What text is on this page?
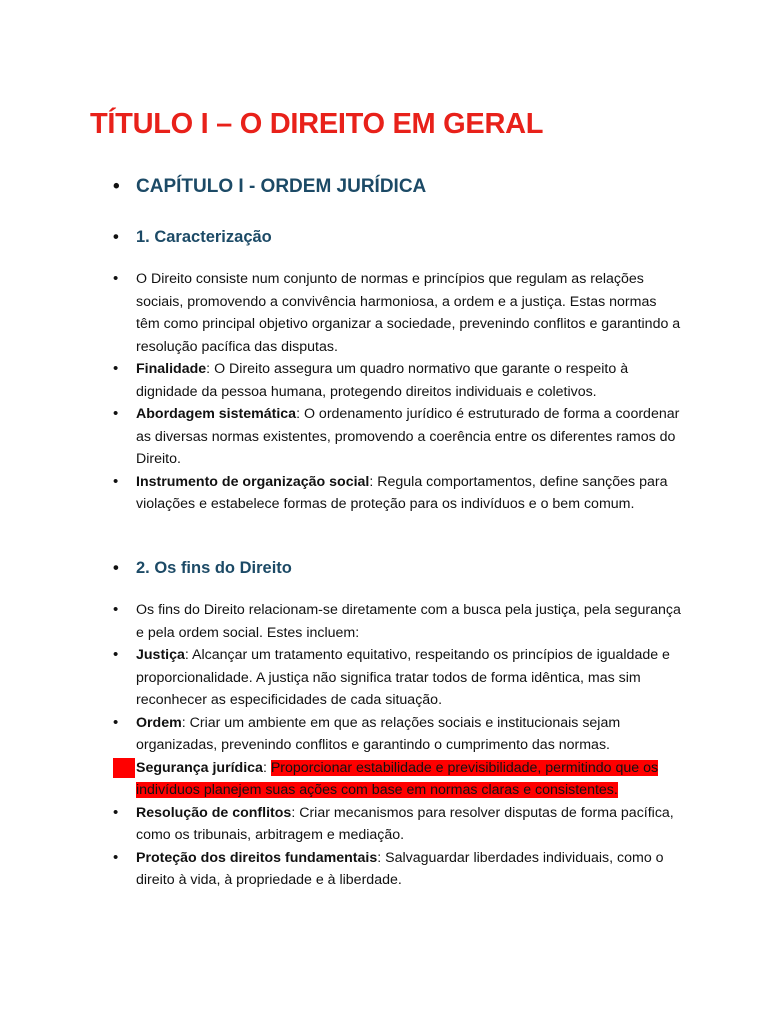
TÍTULO I – O DIREITO EM GERAL
• CAPÍTULO I - ORDEM JURÍDICA
• 1. Caracterização
• O Direito consiste num conjunto de normas e princípios que regulam as relações sociais, promovendo a convivência harmoniosa, a ordem e a justiça. Estas normas têm como principal objetivo organizar a sociedade, prevenindo conflitos e garantindo a resolução pacífica das disputas.
• Finalidade: O Direito assegura um quadro normativo que garante o respeito à dignidade da pessoa humana, protegendo direitos individuais e coletivos.
• Abordagem sistemática: O ordenamento jurídico é estruturado de forma a coordenar as diversas normas existentes, promovendo a coerência entre os diferentes ramos do Direito.
• Instrumento de organização social: Regula comportamentos, define sanções para violações e estabelece formas de proteção para os indivíduos e o bem comum.
• 2. Os fins do Direito
• Os fins do Direito relacionam-se diretamente com a busca pela justiça, pela segurança e pela ordem social. Estes incluem:
• Justiça: Alcançar um tratamento equitativo, respeitando os princípios de igualdade e proporcionalidade. A justiça não significa tratar todos de forma idêntica, mas sim reconhecer as especificidades de cada situação.
• Ordem: Criar um ambiente em que as relações sociais e institucionais sejam organizadas, prevenindo conflitos e garantindo o cumprimento das normas.
• Segurança jurídica: Proporcionar estabilidade e previsibilidade, permitindo que os indivíduos planejem suas ações com base em normas claras e consistentes.
• Resolução de conflitos: Criar mecanismos para resolver disputas de forma pacífica, como os tribunais, arbitragem e mediação.
• Proteção dos direitos fundamentais: Salvaguardar liberdades individuais, como o direito à vida, à propriedade e à liberdade.
